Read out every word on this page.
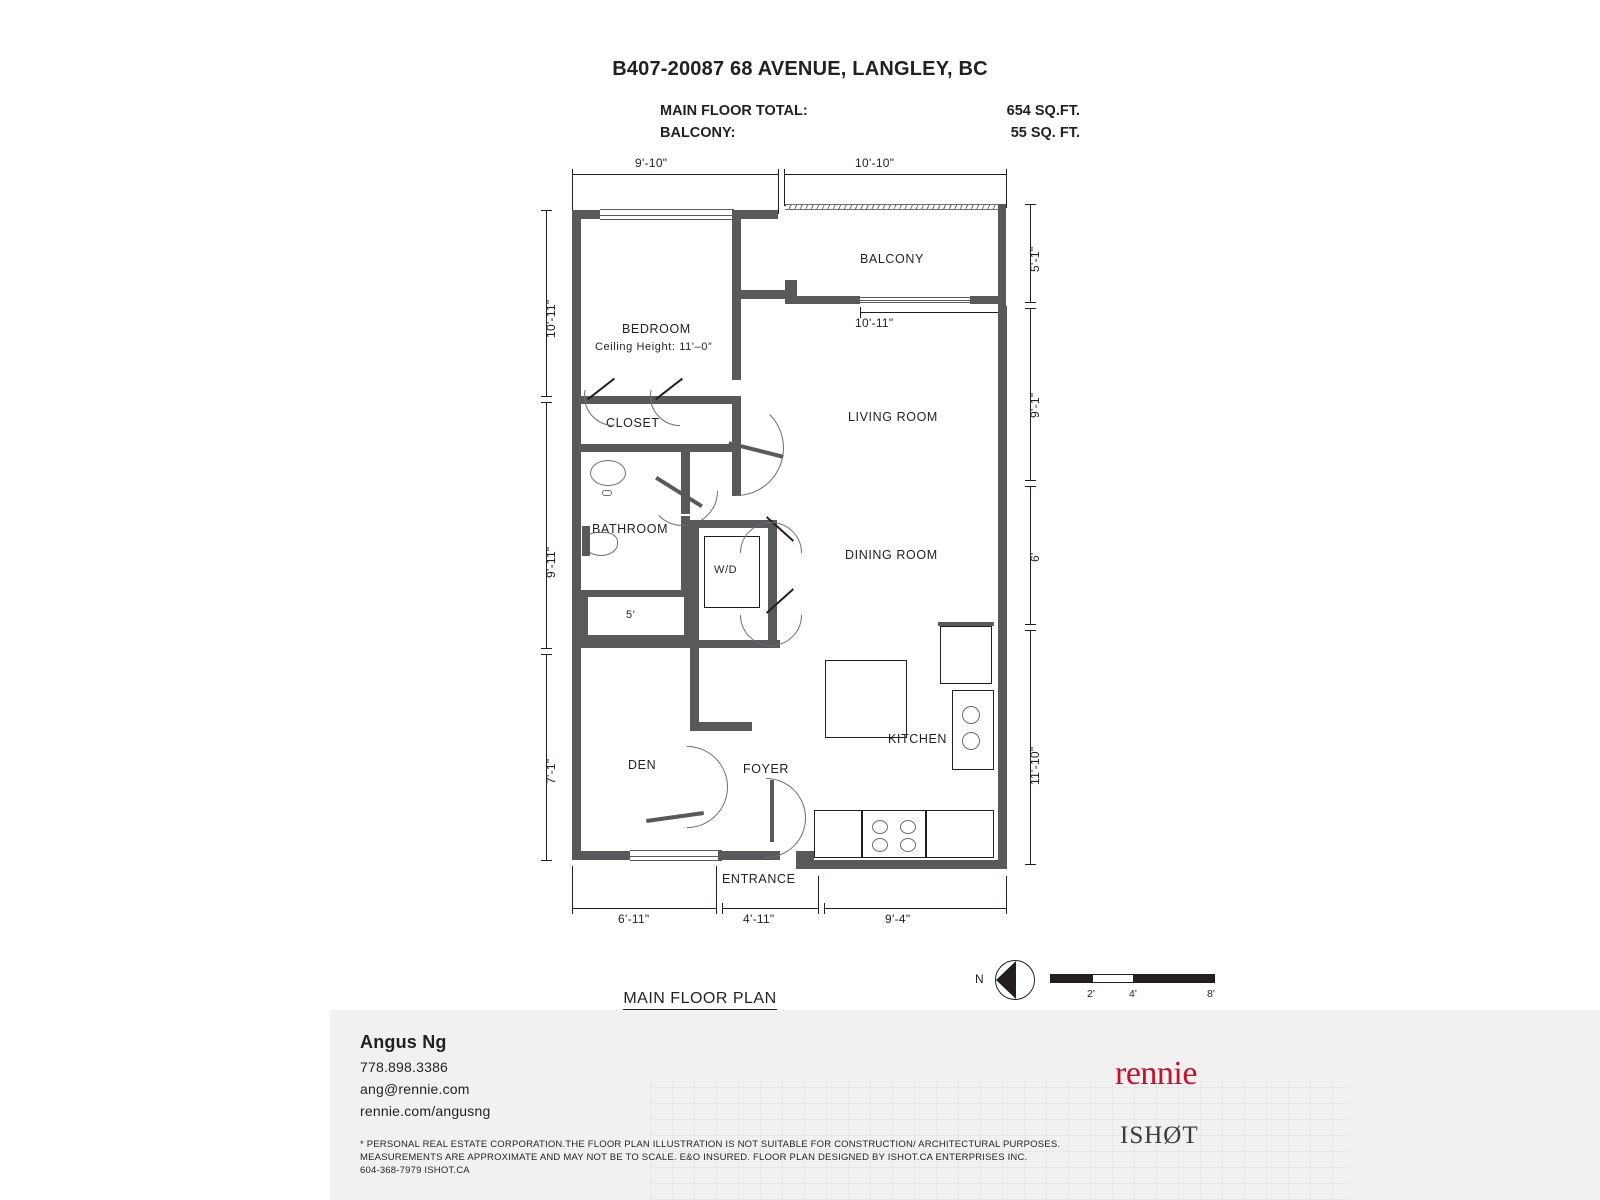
B407-20087 68 AVENUE, LANGLEY, BC
MAIN FLOOR TOTAL:	654 SQ.FT.
BALCONY:	55 SQ. FT.
9'-10"	10'-10"
BALCONY
10'-11"
5'-1"
9'-1"
6'
11'-10"
BEDROOM
Ceiling Height: 11'–0”
CLOSET
BATHROOM
5'
W/D
DEN	FOYER
ENTRANCE
LIVING ROOM
DINING ROOM
KITCHEN
10'-11"
9'-11"
7'-1"
6'-11"	4'-11"	9'-4"
MAIN FLOOR PLAN
N
2'	4'	8'
Angus Ng
778.898.3386
ang@rennie.com
rennie.com/angusng
rennie
ISHØT
* PERSONAL REAL ESTATE CORPORATION.THE FLOOR PLAN ILLUSTRATION IS NOT SUITABLE FOR CONSTRUCTION/ ARCHITECTURAL PURPOSES.
MEASUREMENTS ARE APPROXIMATE AND MAY NOT BE TO SCALE. E&O INSURED. FLOOR PLAN DESIGNED BY ISHOT.CA ENTERPRISES INC.
604-368-7979 ISHOT.CA
